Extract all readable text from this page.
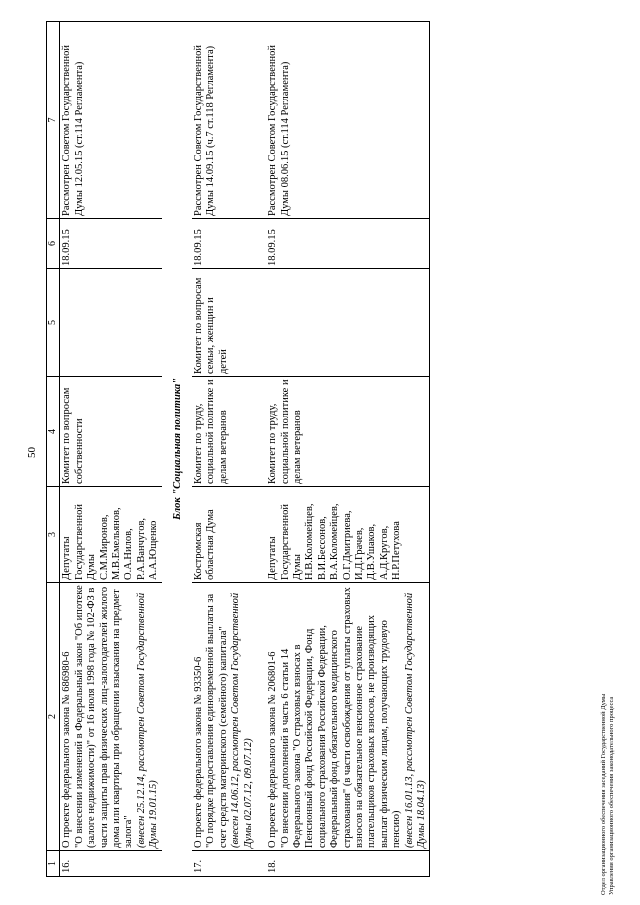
50
1	2	3	4	5	6	7
16.	О проекте федерального закона № 686980-6 "О внесении изменений в Федеральный закон "Об ипотеке (залоге недвижимости)" от 16 июля 1998 года № 102-ФЗ в части защиты прав физических лиц-залогодателей жилого дома или квартиры при обращении взыскания на предмет залога" (внесен 25.12.14, рассмотрен Советом Государственной Думы 19.01.15)	Депутаты Государственной Думы С.М.Миронов, М.В.Емельянов, О.А.Нилов, Р.А.Ванчугов, А.А.Ющенко	Комитет по вопросам собственности		18.09.15	Рассмотрен Советом Государственной Думы 12.05.15 (ст.114 Регламента)
Блок "Социальная политика"						
17.	О проекте федерального закона № 93350-6 "О порядке предоставления единовременной выплаты за счет средств материнского (семейного) капитала" (внесен 14.06.12, рассмотрен Советом Государственной Думы 02.07.12, 09.07.12)	Костромская областная Дума	Комитет по труду, социальной политике и делам ветеранов	Комитет по вопросам семьи, женщин и детей	18.09.15	Рассмотрен Советом Государственной Думы 14.09.15 (ч.7 ст.118 Регламента)

18.	О проекте федерального закона № 206801-6 "О внесении дополнений в часть 6 статьи 14 Федерального закона "О страховых взносах в Пенсионный фонд Российской Федерации, Фонд социального страхования Российской Федерации, Федеральный фонд обязательного медицинского страхования" (в части освобождения от уплаты страховых взносов на обязательное пенсионное страхование плательщиков страховых взносов, не производящих выплат физическим лицам, получающих трудовую пенсию) (внесен 16.01.13, рассмотрен Советом Государственной Думы 18.04.13)	Депутаты Государственной Думы Н.В.Коломейцев, В.И.Бессонов, В.А.Коломейцев, О.Г.Дмитриева, И.Д.Грачев, Д.В.Ушаков, А.Д.Кругов, Н.Р.Петухова	Комитет по труду, социальной политике и делам ветеранов		18.09.15	Рассмотрен Советом Государственной Думы 08.06.15 (ст.114 Регламента)
Отдел организационного обеспечения заседаний Государственной Думы Управления организационного обеспечения законодательного процесса
